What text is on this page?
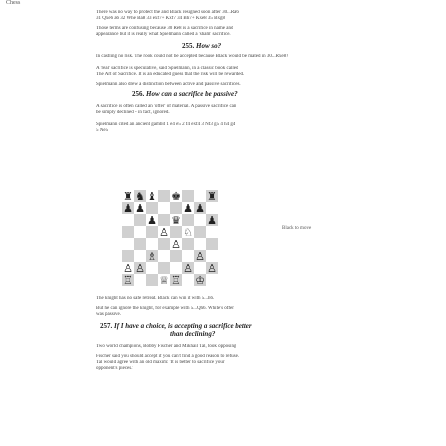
Chess
There was no way to protect the and Black resigned soon after 30...Ra6
31 Qxe6 a6 32 Whe Ba8 33 exf7+ Kxf7 34 Bh7+ Kxe8 35 Bxg8
Those terms are confusing because 30 Re8 is a sacrifice in name and
appearance but it is really what Spielmann called a 'sham' sacrifice.
255. How so?
In castling no risk. The rook could not be accepted because Black would be mated in 30...Rxe8?
A 'real' sacrifice is speculative, said Spielmann, in a classic book called
The Art of Sacrifice. It is an educated guess that the risk will be rewarded.
Spielmann also drew a distinction between active and passive sacrifices.
256. How can a sacrifice be passive?
A sacrifice is often called an 'offer' of material. A passive sacrifice can
be simply declined - in fact, ignored.
Spielmann cited an ancient gambit 1 e4 e5 2 f4 exf4 3 Nf3 g5 4 h4 g4
5 Ne5
♜ ♞ ♝ ♚ ♜
♟ ♟	♟ ♟
♟ ♛ ♟
♙ ♘
♙
♗	♙
♙ ♙	♙ ♙
♖ ♕ ♖ ♔
Black to move
The knight has no safe retreat. Black can win it with 5...h6.
But he can ignore the knight, for example with 5...Qh6. White's offer
was passive.
257. If I have a choice, is accepting a sacrifice better
than declining?
Two world champions, Bobby Fischer and Mikhail Tal, took opposing
Fischer said you should accept if you can't find a good reason to refuse.
Tal would agree with an old maxim: 'It is better to sacrifice your
opponent's pieces.'
